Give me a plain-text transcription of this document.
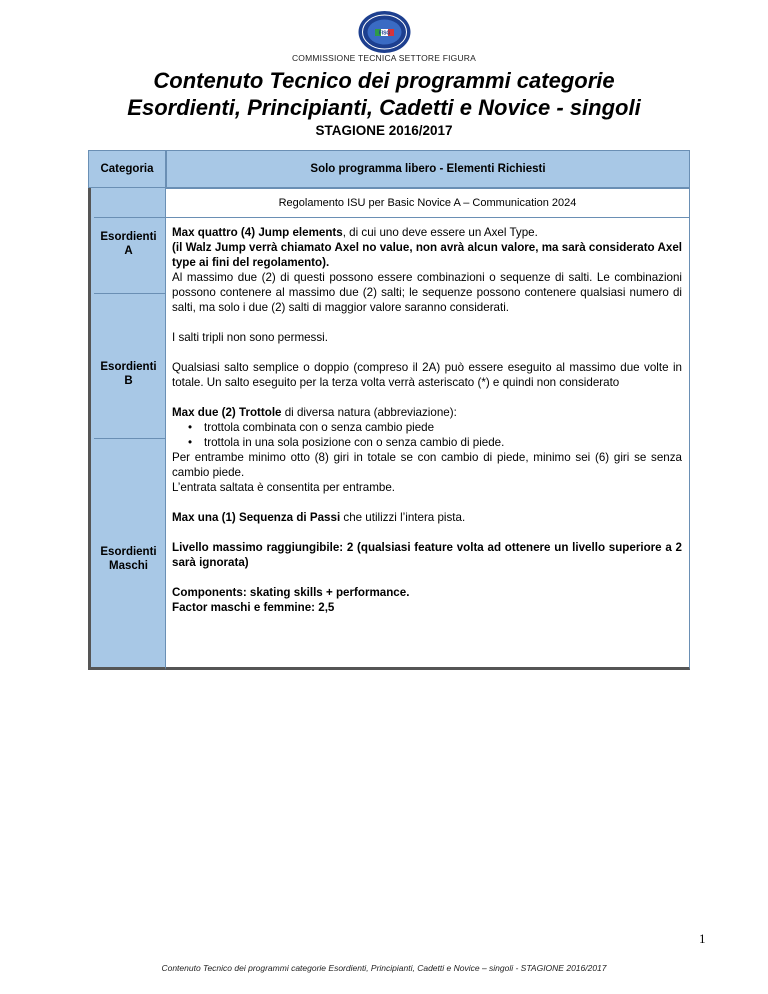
FISG
COMMISSIONE TECNICA SETTORE FIGURA
Contenuto Tecnico dei programmi categorie
Esordienti, Principianti, Cadetti e Novice - singoli
STAGIONE 2016/2017
Categoria	Solo programma libero - Elementi Richiesti
Esordienti
A
Esordienti
B
Esordienti
Maschi
Regolamento ISU per Basic Novice A – Communication 2024

Max quattro (4) Jump elements, di cui uno deve essere un Axel Type.

(il Walz Jump verrà chiamato Axel no value, non avrà alcun valore, ma sarà considerato Axel type ai fini del regolamento).

Al massimo due (2) di questi possono essere combinazioni o sequenze di salti. Le combinazioni possono contenere al massimo due (2) salti; le sequenze possono contenere qualsiasi numero di salti, ma solo i due (2) salti di maggior valore saranno considerati.

I salti tripli non sono permessi.

Qualsiasi salto semplice o doppio (compreso il 2A) può essere eseguito al massimo due volte in totale. Un salto eseguito per la terza volta verrà asteriscato (*) e quindi non considerato

Max due (2) Trottole di diversa natura (abbreviazione):

• trottola combinata con o senza cambio piede
• trottola in una sola posizione con o senza cambio di piede.

Per entrambe minimo otto (8) giri in totale se con cambio di piede, minimo sei (6) giri se senza cambio piede.

L’entrata saltata è consentita per entrambe.

Max una (1) Sequenza di Passi che utilizzi l’intera pista.

Livello massimo raggiungibile: 2 (qualsiasi feature volta ad ottenere un livello superiore a 2 sarà ignorata)

Components: skating skills + performance.

Factor maschi e femmine: 2,5

1
Contenuto Tecnico dei programmi categorie Esordienti, Principianti, Cadetti e Novice – singoli - STAGIONE 2016/2017
